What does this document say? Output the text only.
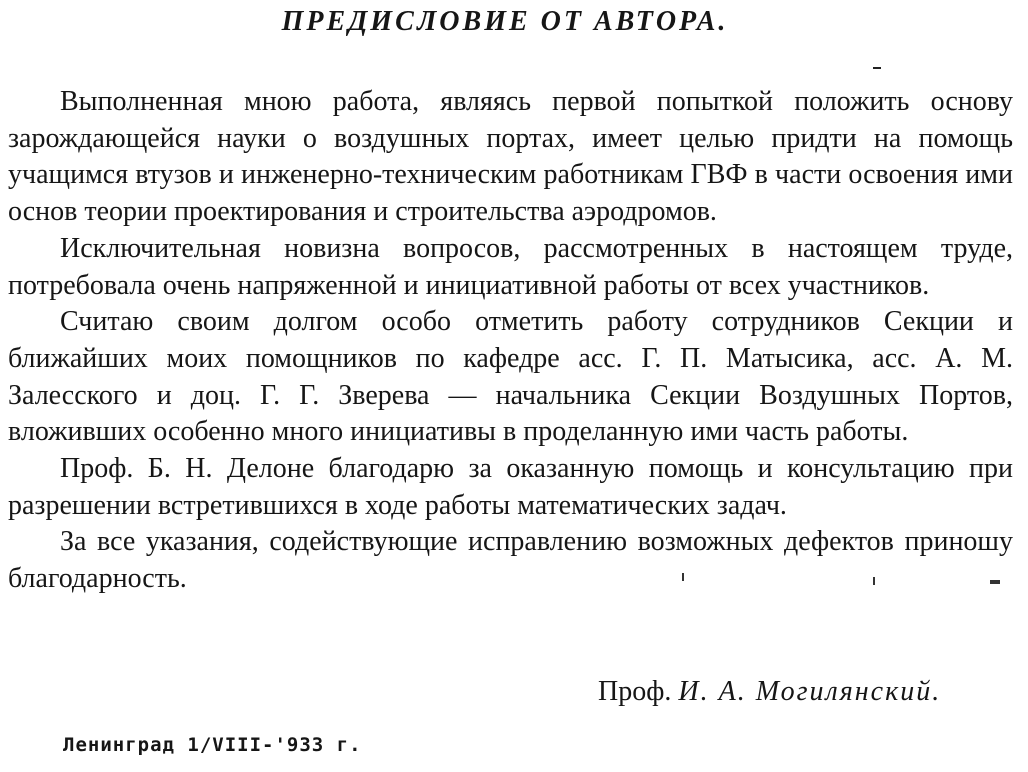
ПРЕДИСЛОВИЕ ОТ АВТОРА.

Выполненная мною работа, являясь первой попыткой положить основу зарождающейся науки о воздушных портах, имеет целью придти на помощь учащимся втузов и инженерно-техническим работникам ГВФ в части освоения ими основ теории проектирования и строительства аэродромов.

Исключительная новизна вопросов, рассмотренных в настоящем труде, потребовала очень напряженной и инициативной работы от всех участников.

Считаю своим долгом особо отметить работу сотрудников Секции и ближайших моих помощников по кафедре асс. Г. П. Матысика, асс. А. М. Залесского и доц. Г. Г. Зверева — начальника Секции Воздушных Портов, вложивших особенно много инициативы в проделанную ими часть работы.

Проф. Б. Н. Делоне благодарю за оказанную помощь и консультацию при разрешении встретившихся в ходе работы математических задач.

За все указания, содействующие исправлению возможных дефектов приношу благодарность.

Проф. И. А. Могилянский.
Ленинград 1/VIII-'933 г.
